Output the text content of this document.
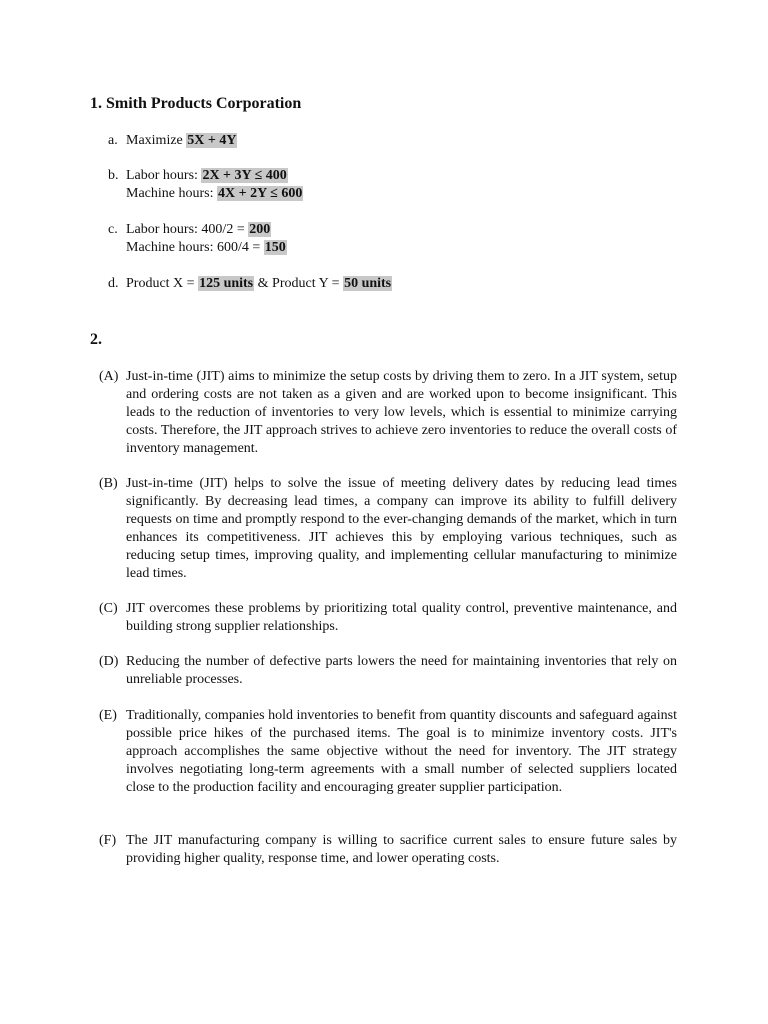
1. Smith Products Corporation
a. Maximize 5X + 4Y
b. Labor hours: 2X + 3Y ≤ 400
Machine hours: 4X + 2Y ≤ 600
c. Labor hours: 400/2 = 200
Machine hours: 600/4 = 150
d. Product X = 125 units & Product Y = 50 units
2.
(A) Just-in-time (JIT) aims to minimize the setup costs by driving them to zero. In a JIT system, setup and ordering costs are not taken as a given and are worked upon to become insignificant. This leads to the reduction of inventories to very low levels, which is essential to minimize carrying costs. Therefore, the JIT approach strives to achieve zero inventories to reduce the overall costs of inventory management.
(B) Just-in-time (JIT) helps to solve the issue of meeting delivery dates by reducing lead times significantly. By decreasing lead times, a company can improve its ability to fulfill delivery requests on time and promptly respond to the ever-changing demands of the market, which in turn enhances its competitiveness. JIT achieves this by employing various techniques, such as reducing setup times, improving quality, and implementing cellular manufacturing to minimize lead times.
(C) JIT overcomes these problems by prioritizing total quality control, preventive maintenance, and building strong supplier relationships.
(D) Reducing the number of defective parts lowers the need for maintaining inventories that rely on unreliable processes.
(E) Traditionally, companies hold inventories to benefit from quantity discounts and safeguard against possible price hikes of the purchased items. The goal is to minimize inventory costs. JIT's approach accomplishes the same objective without the need for inventory. The JIT strategy involves negotiating long-term agreements with a small number of selected suppliers located close to the production facility and encouraging greater supplier participation.
(F) The JIT manufacturing company is willing to sacrifice current sales to ensure future sales by providing higher quality, response time, and lower operating costs.
